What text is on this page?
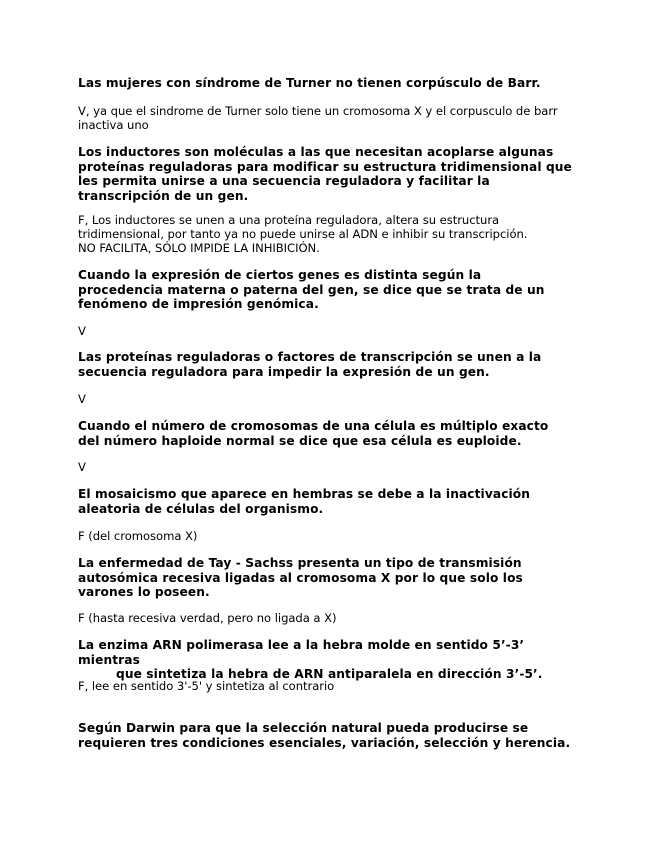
Las mujeres con síndrome de Turner no tienen corpúsculo de Barr.

V, ya que el sindrome de Turner solo tiene un cromosoma X y el corpusculo de barr inactiva uno

Los inductores son moléculas a las que necesitan acoplarse algunas proteínas reguladoras para modificar su estructura tridimensional que les permita unirse a una secuencia reguladora y facilitar la transcripción de un gen.

F, Los inductores se unen a una proteína reguladora, altera su estructura tridimensional, por tanto ya no puede unirse al ADN e inhibir su transcripción. NO FACILITA, SÓLO IMPIDE LA INHIBICIÓN.

Cuando la expresión de ciertos genes es distinta según la procedencia materna o paterna del gen, se dice que se trata de un fenómeno de impresión genómica.

V

Las proteínas reguladoras o factores de transcripción se unen a la secuencia reguladora para impedir la expresión de un gen.

V

Cuando el número de cromosomas de una célula es múltiplo exacto del número haploide normal se dice que esa célula es euploide.

V

El mosaicismo que aparece en hembras se debe a la inactivación aleatoria de células del organismo.

F (del cromosoma X)

La enfermedad de Tay - Sachss presenta un tipo de transmisión autosómica recesiva ligadas al cromosoma X por lo que solo los varones lo poseen.

F (hasta recesiva verdad, pero no ligada a X)

La enzima ARN polimerasa lee a la hebra molde en sentido 5’-3’ mientras
que sintetiza la hebra de ARN antiparalela en dirección 3’-5’.

F, lee en sentido 3'-5' y sintetiza al contrario

Según Darwin para que la selección natural pueda producirse se requieren tres condiciones esenciales, variación, selección y herencia.
